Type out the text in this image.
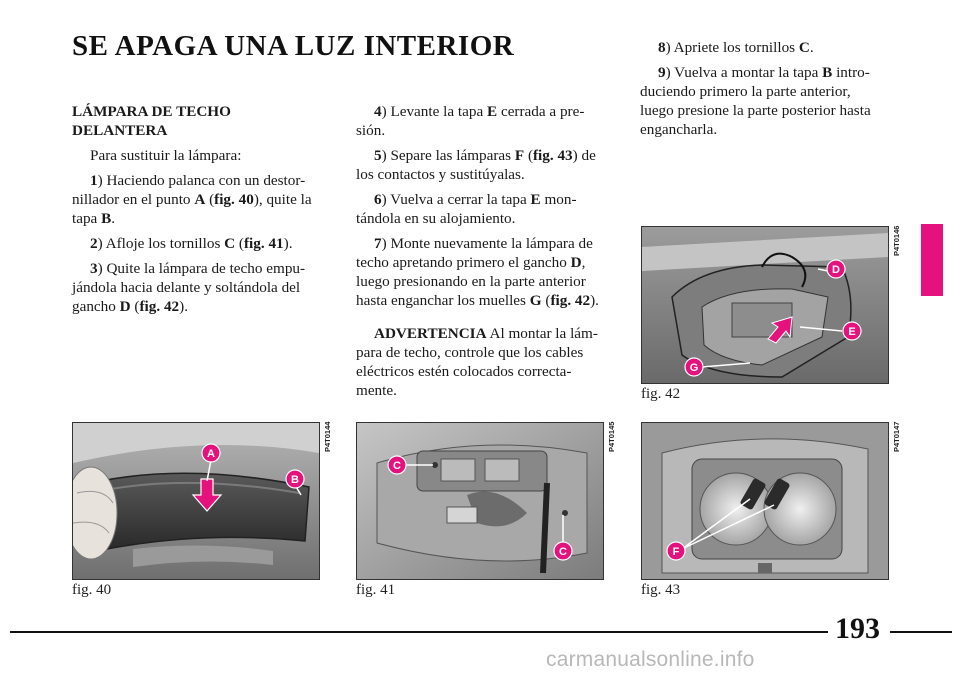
SE APAGA UNA LUZ INTERIOR

LÁMPARA DE TECHO DELANTERA

Para sustituir la lámpara:

1) Haciendo palanca con un destor-nillador en el punto A (fig. 40), quite la tapa B.

2) Afloje los tornillos C (fig. 41).

3) Quite la lámpara de techo empu-jándola hacia delante y soltándola del gancho D (fig. 42).

4) Levante la tapa E cerrada a pre-sión.

5) Separe las lámparas F (fig. 43) de los contactos y sustitúyalas.

6) Vuelva a cerrar la tapa E mon-tándola en su alojamiento.

7) Monte nuevamente la lámpara de techo apretando primero el gancho D, luego presionando en la parte anterior hasta enganchar los muelles G (fig. 42).

ADVERTENCIA Al montar la lám-para de techo, controle que los cables eléctricos estén colocados correcta-mente.

8) Apriete los tornillos C.

9) Vuelva a montar la tapa B intro-duciendo primero la parte anterior, luego presione la parte posterior hasta engancharla.

A
B
P4T0144
fig. 40
C
C
P4T0145
fig. 41
D
E
G
P4T0146
fig. 42
F
P4T0147
fig. 43
193
carmanualsonline.info
